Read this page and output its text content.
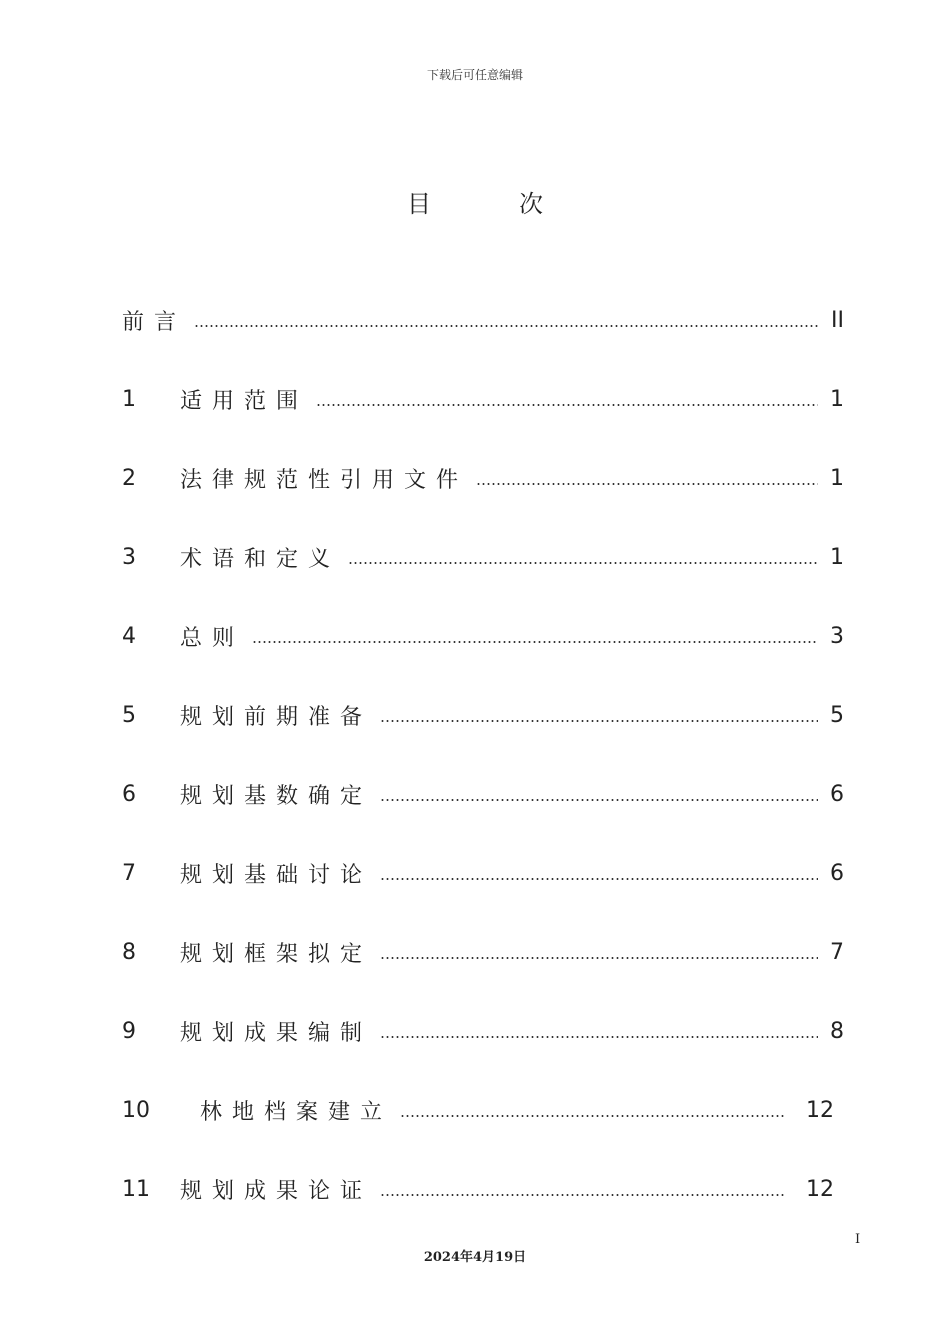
下载后可任意编辑
目次
前言	II
1	适用范围	1
2	法律规范性引用文件	1
3	术语和定义	1
4	总则	3
5	规划前期准备	5
6	规划基数确定	6
7	规划基础讨论	6
8	规划框架拟定	7
9	规划成果编制	8
10	林地档案建立	12
11	规划成果论证	12
I
2024年4月19日
